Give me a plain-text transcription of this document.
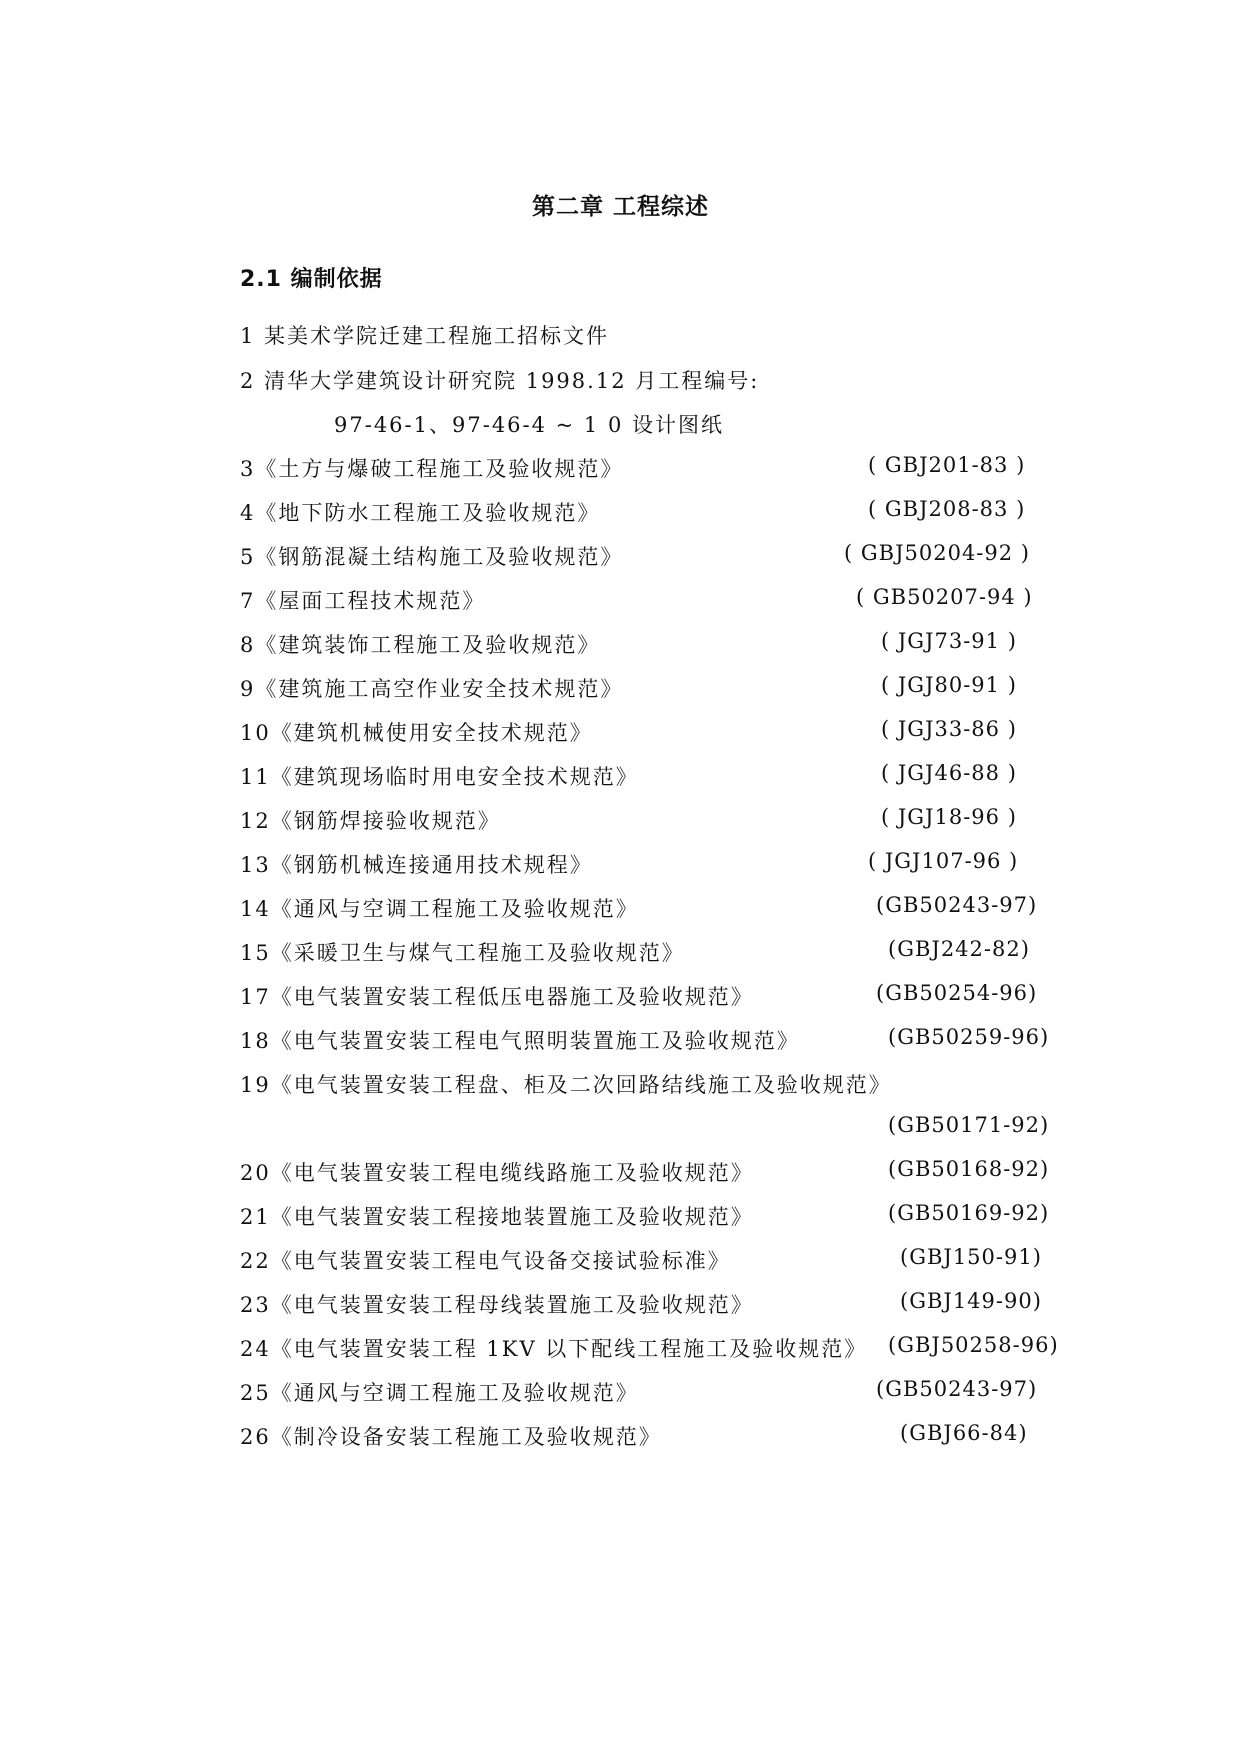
第二章 工程综述
2.1 编制依据
1 某美术学院迁建工程施工招标文件
2 清华大学建筑设计研究院 1998.12 月工程编号:
97-46-1、97-46-4 ~ 1 0 设计图纸
3《土方与爆破工程施工及验收规范》	( GBJ201-83 )
4《地下防水工程施工及验收规范》	( GBJ208-83 )
5《钢筋混凝土结构施工及验收规范》	( GBJ50204-92 )
7《屋面工程技术规范》	( GB50207-94 )
8《建筑装饰工程施工及验收规范》	( JGJ73-91 )
9《建筑施工高空作业安全技术规范》	( JGJ80-91 )
10《建筑机械使用安全技术规范》	( JGJ33-86 )
11《建筑现场临时用电安全技术规范》	( JGJ46-88 )
12《钢筋焊接验收规范》	( JGJ18-96 )
13《钢筋机械连接通用技术规程》	( JGJ107-96 )
14《通风与空调工程施工及验收规范》	(GB50243-97)
15《采暖卫生与煤气工程施工及验收规范》	(GBJ242-82)
17《电气装置安装工程低压电器施工及验收规范》	(GB50254-96)
18《电气装置安装工程电气照明装置施工及验收规范》	(GB50259-96)
19《电气装置安装工程盘、柜及二次回路结线施工及验收规范》
(GB50171-92)
20《电气装置安装工程电缆线路施工及验收规范》	(GB50168-92)
21《电气装置安装工程接地装置施工及验收规范》	(GB50169-92)
22《电气装置安装工程电气设备交接试验标准》	(GBJ150-91)
23《电气装置安装工程母线装置施工及验收规范》	(GBJ149-90)
24《电气装置安装工程 1KV 以下配线工程施工及验收规范》 (GBJ50258-96)
25《通风与空调工程施工及验收规范》	(GB50243-97)
26《制冷设备安装工程施工及验收规范》	(GBJ66-84)
